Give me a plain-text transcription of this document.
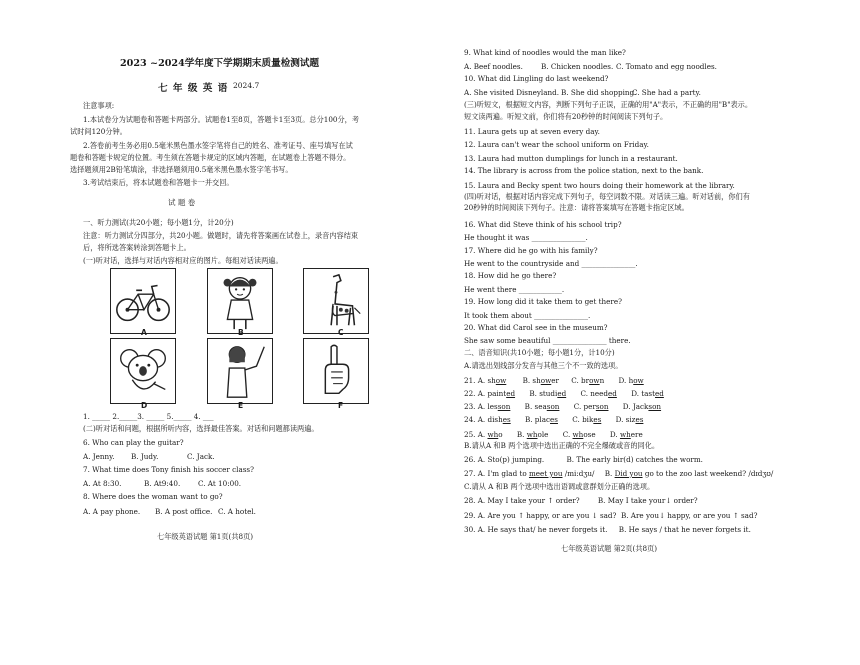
2023 ~2024学年度下学期期末质量检测试题
七 年 级 英 语 2024.7
注意事项:
1.本试卷分为试题卷和答题卡两部分。试题卷1至8页，答题卡1至3页。总分100分，考
试时间120分钟。
2.答卷前考生务必用0.5毫米黑色墨水签字笔将自己的姓名、准考证号、座号填写在试
题卷和答题卡规定的位置。考生须在答题卡规定的区域内答题，在试题卷上答题不得分。
选择题须用2B铅笔填涂，非选择题须用0.5毫米黑色墨水签字笔书写。
3.考试结束后，将本试题卷和答题卡一并交回。
试 题 卷
一、听力测试(共20小题；每小题1分，计20分)
注意：听力测试分四部分，共20小题。做题时，请先将答案画在试卷上，录音内容结束
后，将所选答案转涂到答题卡上。
(一)听对话，选择与对话内容相对应的图片。每组对话读两遍。
A	B	C
D	E	F
1. _____ 2._____3. _____ 5._____ 4. ___
(二)听对话和问题，根据所听内容，选择最佳答案。对话和问题都读两遍。
6. Who can play the guitar?
A. Jenny. B. Judy.	C. Jack.
7. What time does Tony finish his soccer class?
A. At 8:30.	B. At9:40. C. At 10:00.
8. Where does the woman want to go?
A. A pay phone. B. A post office. C. A hotel.
七年级英语试题 第1页(共8页)
9. What kind of noodles would the man like?
A. Beef noodles.	B. Chicken noodles. C. Tomato and egg noodles.
10. What did Lingling do last weekend?
A. She visited Disneyland. B. She did shopping.
C. She had a party.
(三)听短文，根据短文内容，判断下列句子正误，正确的用"A"表示，不正确的用"B"表示。
短文读两遍。听短文前，你们将有20秒钟的时间阅读下列句子。
11. Laura gets up at seven every day.
12. Laura can't wear the school uniform on Friday.
13. Laura had mutton dumplings for lunch in a restaurant.
14. The library is across from the police station, next to the bank.
15. Laura and Becky spent two hours doing their homework at the library.
(四)听对话，根据对话内容完成下列句子，每空词数不限。对话读三遍。听对话前，你们有
20秒钟的时间阅读下列句子。注意：请将答案填写在答题卡指定区域。
16. What did Steve think of his school trip?
He thought it was _______________.
17. Where did he go with his family?
He went to the countryside and _______________.
18. How did he go there?
He went there ____________.
19. How long did it take them to get there?
It took them about _______________.
20. What did Carol see in the museum?
She saw some beautiful _______________ there.
二、语音知识(共10小题；每小题1分，计10分)
A.请选出划线部分发音与其他三个不一致的选项。
21. A. show B. shower C. brown D. how
22. A. painted B. studied C. needed D. tasted
23. A. lesson B. season C. person D. Jackson
24. A. dishes B. places C. bikes D. sizes
25. A. who B. whole C. whose D. where
B.请从A 和B 两个选项中选出正确的不完全爆破或音的同化。
26. A. Sto(p) jumping.	B. The early bir(d) catches the worm.
27. A. I'm glad to meet you /mi:dʒu/ B. Did you go to the zoo last weekend? /dɪdʒʊ/
C.请从 A 和B 两个选项中选出语调或意群划分正确的选项。
28. A. May I take your ↑ order?        B. May I take your↓ order?
29. A. Are you ↑ happy, or are you ↓ sad?  B. Are you↓ happy, or are you ↑ sad?
30. A. He says that/ he never forgets it.     B. He says / that he never forgets it.
七年级英语试题 第2页(共8页)
